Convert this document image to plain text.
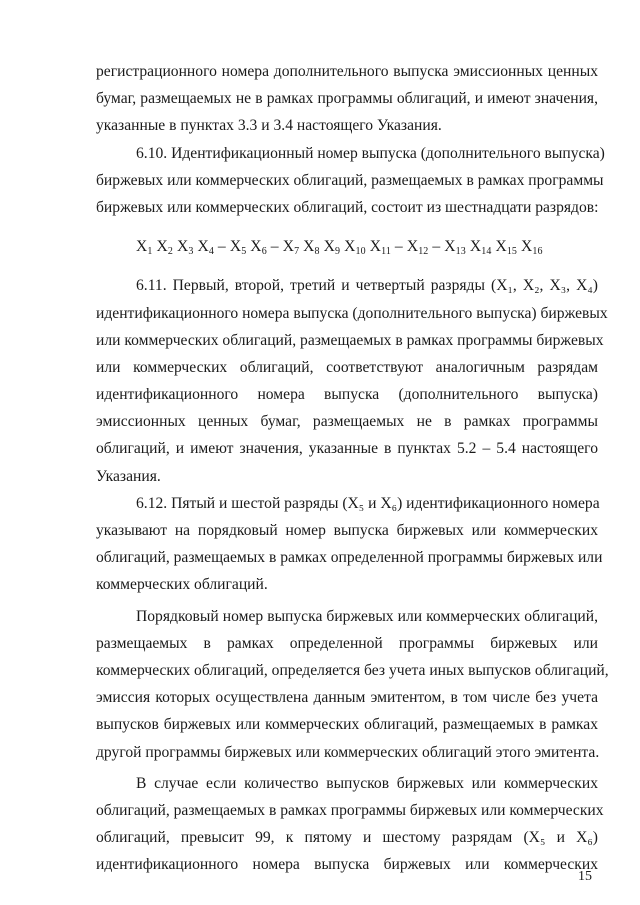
регистрационного номера дополнительного выпуска эмиссионных ценных
бумаг, размещаемых не в рамках программы облигаций, и имеют значения,
указанные в пунктах 3.3 и 3.4 настоящего Указания.
6.10. Идентификационный номер выпуска (дополнительного выпуска)
биржевых или коммерческих облигаций, размещаемых в рамках программы
биржевых или коммерческих облигаций, состоит из шестнадцати разрядов:
$X_1$ $X_2$ $X_3$ $X_4 - X_5$ $X_6 - X_7$ $X_8$ $X_9$ $X_{10}$ $X_{11} - X_{12} - X_{13}$ $X_{14}$ $X_{15}$ $X_{16}$
6.11. Первый, второй, третий и четвертый разряды (X₁, X₂, X₃, X₄)
идентификационного номера выпуска (дополнительного выпуска) биржевых
или коммерческих облигаций, размещаемых в рамках программы биржевых
или коммерческих облигаций, соответствуют аналогичным разрядам
идентификационного номера выпуска (дополнительного выпуска)
эмиссионных ценных бумаг, размещаемых не в рамках программы
облигаций, и имеют значения, указанные в пунктах 5.2 – 5.4 настоящего
Указания.
6.12. Пятый и шестой разряды (X₅ и X₆) идентификационного номера
указывают на порядковый номер выпуска биржевых или коммерческих
облигаций, размещаемых в рамках определенной программы биржевых или
коммерческих облигаций.
Порядковый номер выпуска биржевых или коммерческих облигаций,
размещаемых в рамках определенной программы биржевых или
коммерческих облигаций, определяется без учета иных выпусков облигаций,
эмиссия которых осуществлена данным эмитентом, в том числе без учета
выпусков биржевых или коммерческих облигаций, размещаемых в рамках
другой программы биржевых или коммерческих облигаций этого эмитента.
В случае если количество выпусков биржевых или коммерческих
облигаций, размещаемых в рамках программы биржевых или коммерческих
облигаций, превысит 99, к пятому и шестому разрядам (X₅ и X₆)
идентификационного номера выпуска биржевых или коммерческих
15
